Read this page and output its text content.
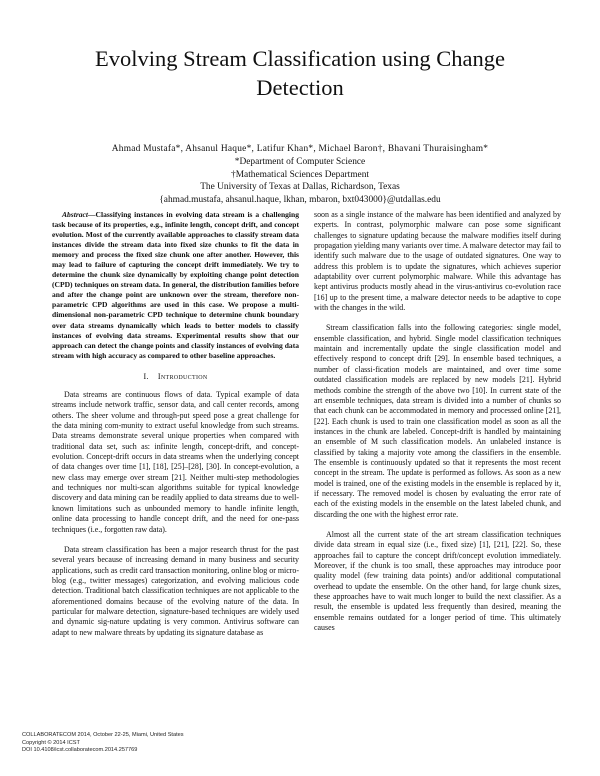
Evolving Stream Classification using Change
Detection
Ahmad Mustafa*, Ahsanul Haque*, Latifur Khan*, Michael Baron†, Bhavani Thuraisingham*
*Department of Computer Science
†Mathematical Sciences Department
The University of Texas at Dallas, Richardson, Texas
{ahmad.mustafa, ahsanul.haque, lkhan, mbaron, bxt043000}@utdallas.edu

Abstract—Classifying instances in evolving data stream is a challenging task because of its properties, e.g., infinite length, concept drift, and concept evolution. Most of the currently available approaches to classify stream data instances divide the stream data into fixed size chunks to fit the data in memory and process the fixed size chunk one after another. However, this may lead to failure of capturing the concept drift immediately. We try to determine the chunk size dynamically by exploiting change point detection (CPD) techniques on stream data. In general, the distribution families before and after the change point are unknown over the stream, therefore non-parametric CPD algorithms are used in this case. We propose a multi-dimensional non-parametric CPD technique to determine chunk boundary over data streams dynamically which leads to better models to classify instances of evolving data streams. Experimental results show that our approach can detect the change points and classify instances of evolving data stream with high accuracy as compared to other baseline approaches.

I. Introduction

Data streams are continuous flows of data. Typical example of data streams include network traffic, sensor data, and call center records, among others. The sheer volume and through-put speed pose a great challenge for the data mining com-munity to extract useful knowledge from such streams. Data streams demonstrate several unique properties when compared with traditional data set, such as: infinite length, concept-drift, and concept-evolution. Concept-drift occurs in data streams when the underlying concept of data changes over time [1], [18], [25]–[28], [30]. In concept-evolution, a new class may emerge over stream [21]. Neither multi-step methodologies and techniques nor multi-scan algorithms suitable for typical knowledge discovery and data mining can be readily applied to data streams due to well-known limitations such as unbounded memory to handle infinite length, online data processing to handle concept drift, and the need for one-pass techniques (i.e., forgotten raw data).

Data stream classification has been a major research thrust for the past several years because of increasing demand in many business and security applications, such as credit card transaction monitoring, online blog or micro-blog (e.g., twitter messages) categorization, and evolving malicious code detection. Traditional batch classification techniques are not applicable to the aforementioned domains because of the evolving nature of the data. In particular for malware detection, signature-based techniques are widely used and dynamic sig-nature updating is very common. Antivirus software can adapt to new malware threats by updating its signature database as

soon as a single instance of the malware has been identified and analyzed by experts. In contrast, polymorphic malware can pose some significant challenges to signature updating because the malware modifies itself during propagation yielding many variants over time. A malware detector may fail to identify such malware due to the usage of outdated signatures. One way to address this problem is to update the signatures, which achieves superior adaptability over current polymorphic malware. While this advantage has kept antivirus products mostly ahead in the virus-antivirus co-evolution race [16] up to the present time, a malware detector needs to be adaptive to cope with the changes in the wild.

Stream classification falls into the following categories: single model, ensemble classification, and hybrid. Single model classification techniques maintain and incrementally update the single classification model and effectively respond to concept drift [29]. In ensemble based techniques, a number of classi-fication models are maintained, and over time some outdated classification models are replaced by new models [21]. Hybrid methods combine the strength of the above two [10]. In current state of the art ensemble techniques, data stream is divided into a number of chunks so that each chunk can be accommodated in memory and processed online [21], [22]. Each chunk is used to train one classification model as soon as all the instances in the chunk are labeled. Concept-drift is handled by maintaining an ensemble of M such classification models. An unlabeled instance is classified by taking a majority vote among the classifiers in the ensemble. The ensemble is continuously updated so that it represents the most recent concept in the stream. The update is performed as follows. As soon as a new model is trained, one of the existing models in the ensemble is replaced by it, if necessary. The removed model is chosen by evaluating the error rate of each of the existing models in the ensemble on the latest labeled chunk, and discarding the one with the highest error rate.

Almost all the current state of the art stream classification techniques divide data stream in equal size (i.e., fixed size) [1], [21], [22]. So, these approaches fail to capture the concept drift/concept evolution immediately. Moreover, if the chunk is too small, these approaches may introduce poor quality model (few training data points) and/or additional computational overhead to update the ensemble. On the other hand, for large chunk sizes, these approaches have to wait much longer to build the next classifier. As a result, the ensemble is updated less frequently than desired, meaning the ensemble remains outdated for a longer period of time. This ultimately causes

COLLABORATECOM 2014, October 22-25, Miami, United States
Copyright © 2014 ICST
DOI 10.4108/icst.collaboratecom.2014.257769
